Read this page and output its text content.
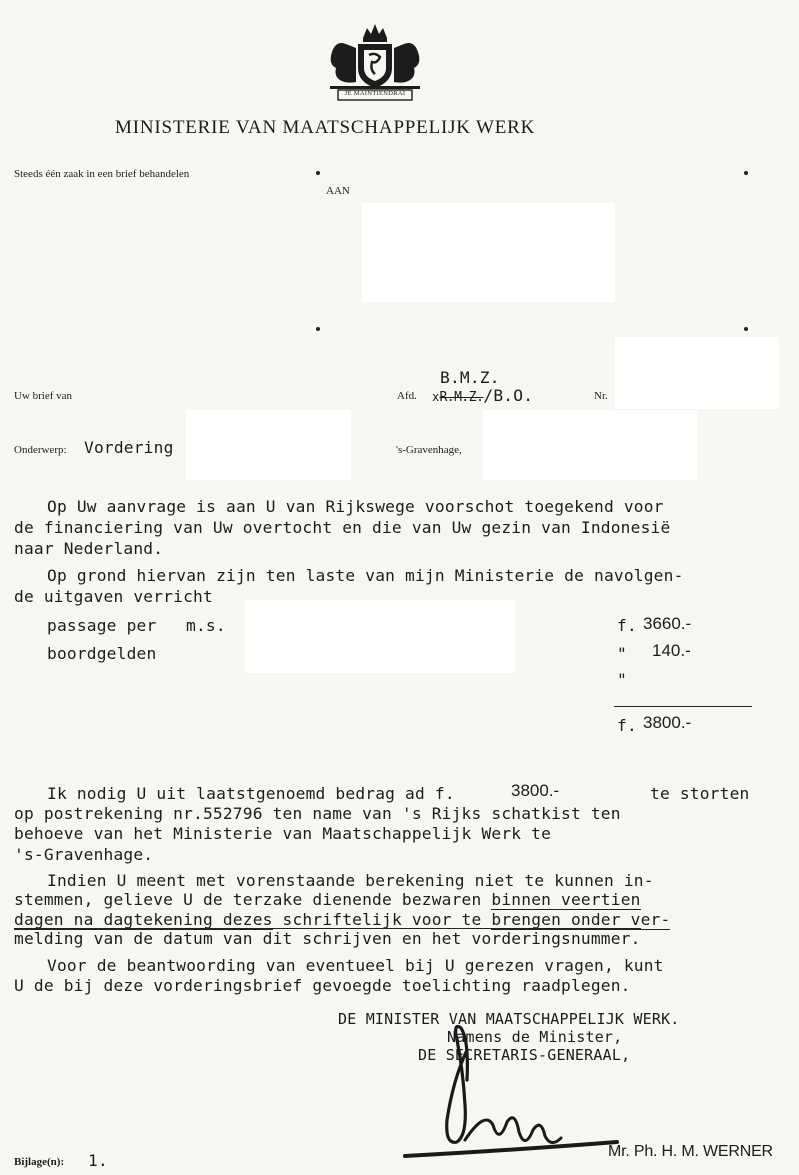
JE MAINTIENDRAI
MINISTERIE VAN MAATSCHAPPELIJK WERK
Steeds één zaak in een brief behandelen
AAN
Uw brief van
B.M.Z.
Afd. xR.M.Z./B.O.	Nr.
Onderwerp: Vordering	's-Gravenhage,
Op Uw aanvrage is aan U van Rijkswege voorschot toegekend voor
de financiering van Uw overtocht en die van Uw gezin van Indonesië
naar Nederland.
Op grond hiervan zijn ten laste van mijn Ministerie de navolgen-
de uitgaven verricht
passage per m.s.	f. 3660.-
boordgelden	" 140.-
"
f. 3800.-
Ik nodig U uit laatstgenoemd bedrag ad f.	3800.-	te storten
op postrekening nr.552796 ten name van 's Rijks schatkist ten
behoeve van het Ministerie van Maatschappelijk Werk te
's-Gravenhage.
Indien U meent met vorenstaande berekening niet te kunnen in-
stemmen, gelieve U de terzake dienende bezwaren binnen veertien
dagen na dagtekening dezes schriftelijk voor te brengen onder ver-
melding van de datum van dit schrijven en het vorderingsnummer.
Voor de beantwoording van eventueel bij U gerezen vragen, kunt
U de bij deze vorderingsbrief gevoegde toelichting raadplegen.
DE MINISTER VAN MAATSCHAPPELIJK WERK.
Namens de Minister,
DE SECRETARIS-GENERAAL,
Mr. Ph. H. M. WERNER
Bijlage(n): 1.
